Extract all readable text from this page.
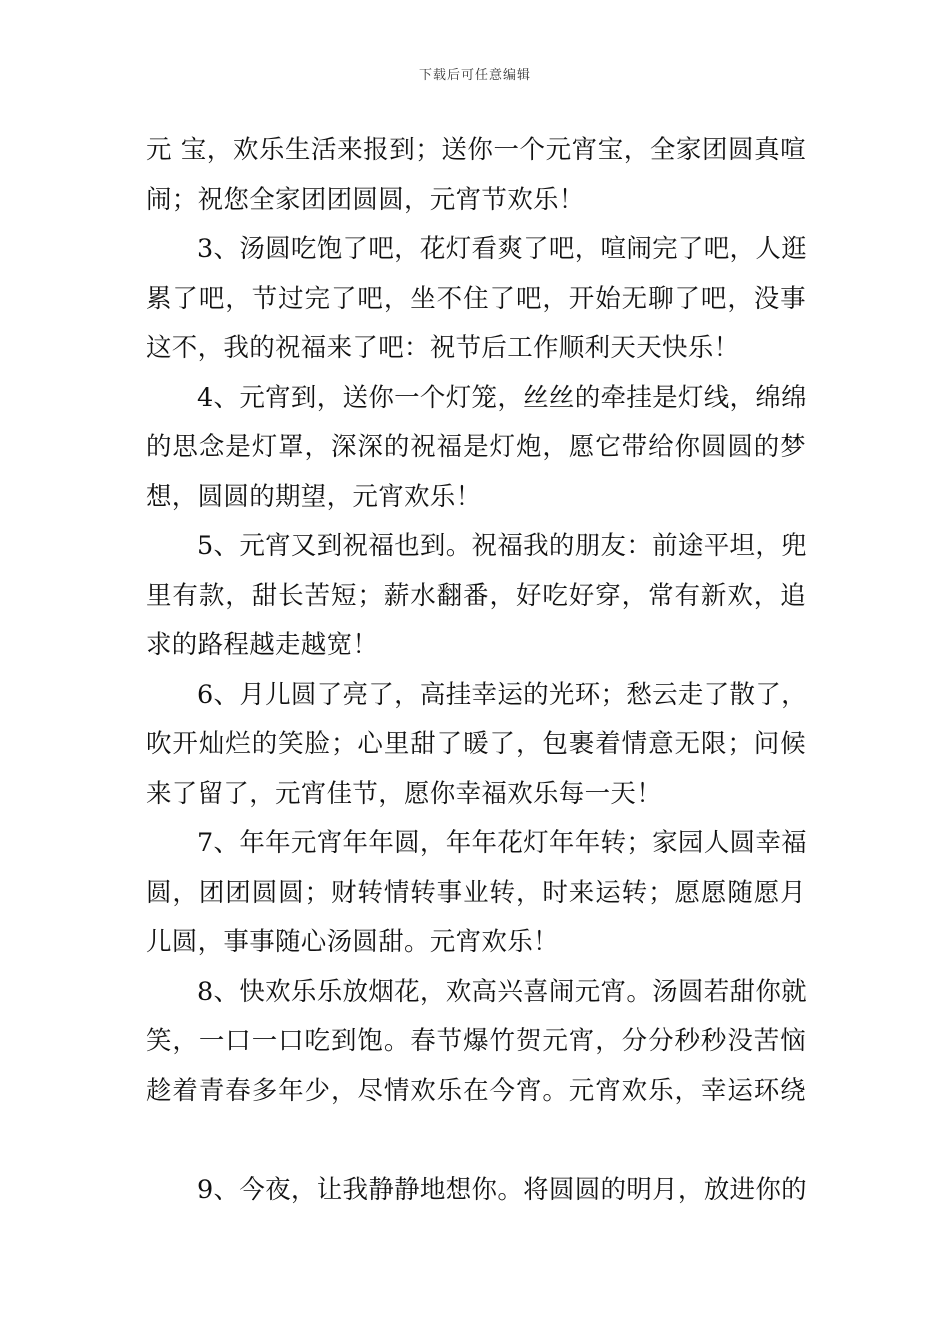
下载后可任意编辑
元 宝，欢乐生活来报到；送你一个元宵宝，全家团圆真喧
闹；祝您全家团团圆圆，元宵节欢乐！
3、汤圆吃饱了吧，花灯看爽了吧，喧闹完了吧，人逛
累了吧，节过完了吧，坐不住了吧，开始无聊了吧，没事
这不，我的祝福来了吧：祝节后工作顺利天天快乐！
4、元宵到，送你一个灯笼，丝丝的牵挂是灯线，绵绵
的思念是灯罩，深深的祝福是灯炮，愿它带给你圆圆的梦
想，圆圆的期望，元宵欢乐！
5、元宵又到祝福也到。祝福我的朋友：前途平坦，兜
里有款，甜长苦短；薪水翻番，好吃好穿，常有新欢，追
求的路程越走越宽！
6、月儿圆了亮了，高挂幸运的光环；愁云走了散了，
吹开灿烂的笑脸；心里甜了暖了，包裹着情意无限；问候
来了留了，元宵佳节，愿你幸福欢乐每一天！
7、年年元宵年年圆，年年花灯年年转；家园人圆幸福
圆，团团圆圆；财转情转事业转，时来运转；愿愿随愿月
儿圆，事事随心汤圆甜。元宵欢乐！
8、快欢乐乐放烟花，欢高兴喜闹元宵。汤圆若甜你就
笑，一口一口吃到饱。春节爆竹贺元宵，分分秒秒没苦恼
趁着青春多年少，尽情欢乐在今宵。元宵欢乐，幸运环绕
9、今夜，让我静静地想你。将圆圆的明月，放进你的
